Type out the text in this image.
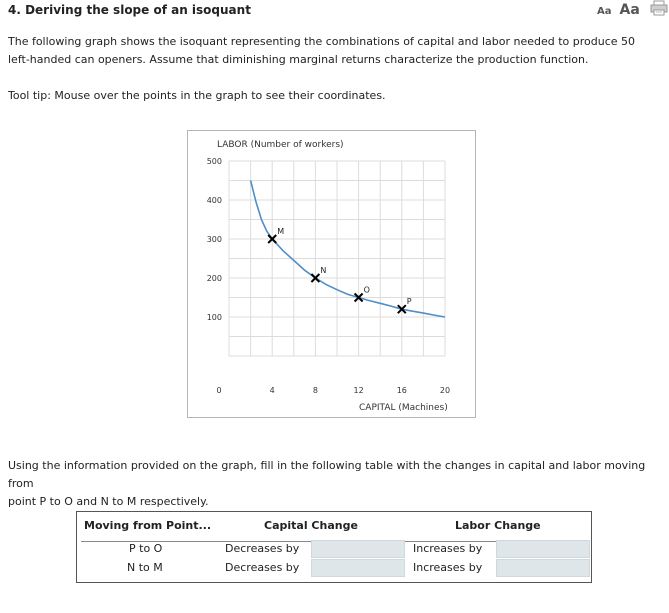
4. Deriving the slope of an isoquant	Aa Aa
The following graph shows the isoquant representing the combinations of capital and labor needed to produce 50
left-handed can openers. Assume that diminishing marginal returns characterize the production function.
Tool tip: Mouse over the points in the graph to see their coordinates.
100
200
300
400
500
0	4	8	12	16	20
M
N
O
P
LABOR (Number of workers)
CAPITAL (Machines)
Using the information provided on the graph, fill in the following table with the changes in capital and labor moving from
point P to O and N to M respectively.
Moving from Point...	Capital Change	Labor Change
P to O	Decreases by	Increases by
N to M	Decreases by	Increases by
